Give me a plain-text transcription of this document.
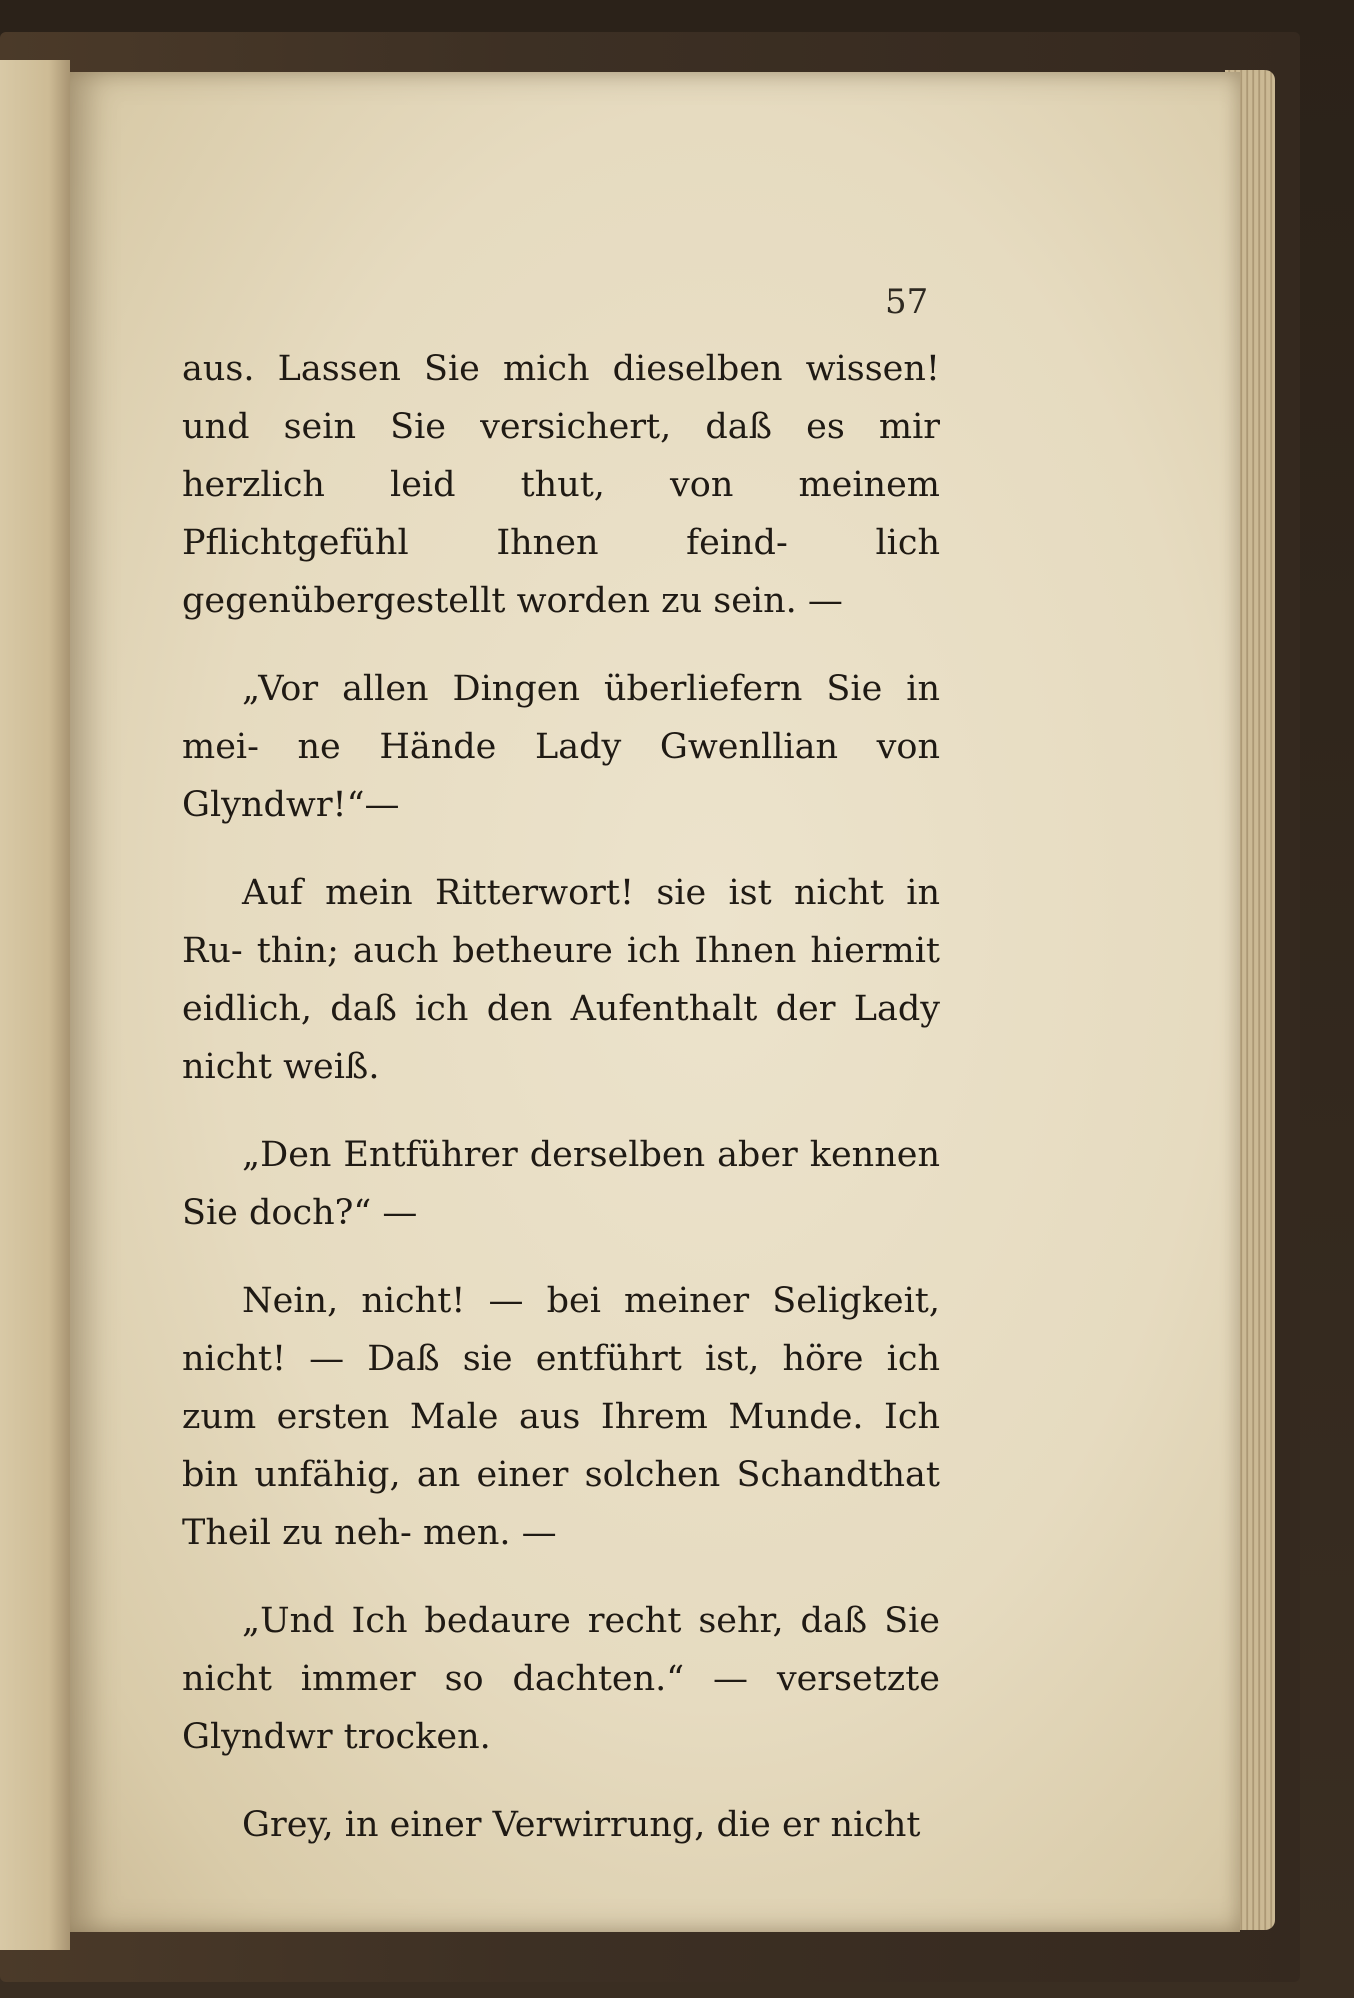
57

aus. Lassen Sie mich dieselben wissen! und sein Sie versichert, daß es mir herzlich leid thut, von meinem Pflichtgefühl Ihnen feind- lich gegenübergestellt worden zu sein. —

„Vor allen Dingen überliefern Sie in mei- ne Hände Lady Gwenllian von Glyndwr!“—

Auf mein Ritterwort! sie ist nicht in Ru- thin; auch betheure ich Ihnen hiermit eidlich, daß ich den Aufenthalt der Lady nicht weiß.

„Den Entführer derselben aber kennen Sie doch?“ —

Nein, nicht! — bei meiner Seligkeit, nicht! — Daß sie entführt ist, höre ich zum ersten Male aus Ihrem Munde. Ich bin unfähig, an einer solchen Schandthat Theil zu neh- men. —

„Und Ich bedaure recht sehr, daß Sie nicht immer so dachten.“ — versetzte Glyndwr trocken.

Grey, in einer Verwirrung, die er nicht
